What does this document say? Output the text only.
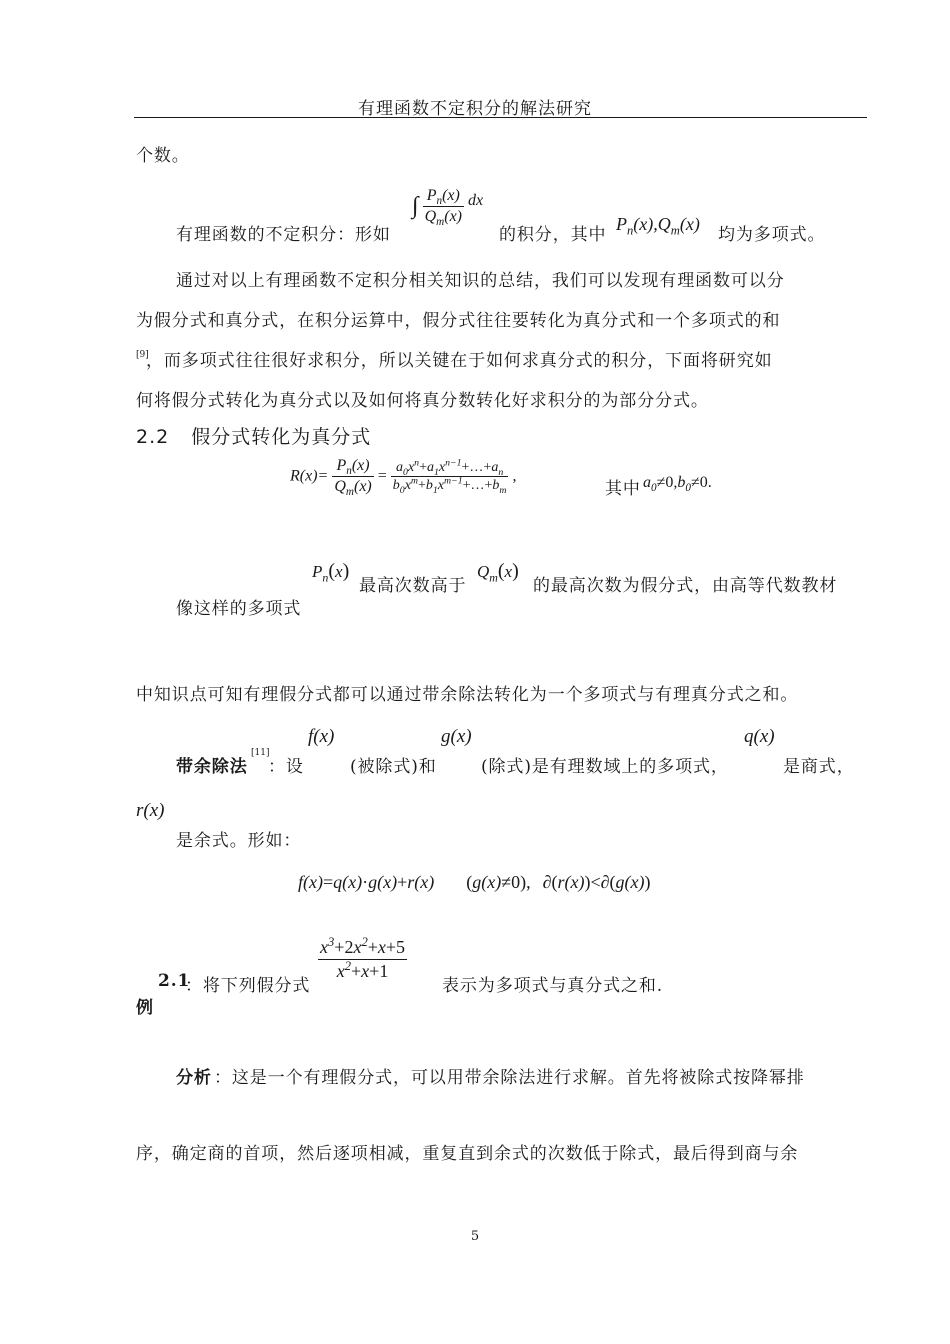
有理函数不定积分的解法研究
个数。
有理函数的不定积分：形如
∫ $\frac{P_n(x)}{Q_m(x)}$ dx
的积分，其中
$P_n(x),Q_m(x)$
均为多项式。
通过对以上有理函数不定积分相关知识的总结，我们可以发现有理函数可以分
为假分式和真分式，在积分运算中，假分式往往要转化为真分式和一个多项式的和
[9]
，而多项式往往很好求积分，所以关键在于如何求真分式的积分，下面将研究如
何将假分式转化为真分式以及如何将真分数转化好求积分的为部分分式。
2.2 假分式转化为真分式
$R(x)= \frac{P_n(x)}{Q_m(x)} = \frac{a_0x^n+a_1x^{n-1}+\dots+a_n}{b_0x^m+b_1x^{m-1}+\dots+b_m}$ ,
其中 $a_0\ne 0,b_0\ne 0$.
$P_n(x)$
最高次数高于
$Q_m(x)$
的最高次数为假分式，由高等代数教材
像这样的多项式
中知识点可知有理假分式都可以通过带余除法转化为一个多项式与有理真分式之和。
f(x)	g(x)	q(x)
带余除法
[11]
：设	(被除式)和	(除式)是有理数域上的多项式，	是商式，
r(x)
是余式。形如：
f(x)=q(x)·g(x)+r(x) (g(x)≠0), ∂(r(x))<∂(g(x))
$\frac{x^3+2x^2+x+5}{x^2+x+1}$
2.1
：将下列假分式	表示为多项式与真分式之和.
例
分析 ：这是一个有理假分式，可以用带余除法进行求解。首先将被除式按降幂排
序，确定商的首项，然后逐项相减，重复直到余式的次数低于除式，最后得到商与余
5
